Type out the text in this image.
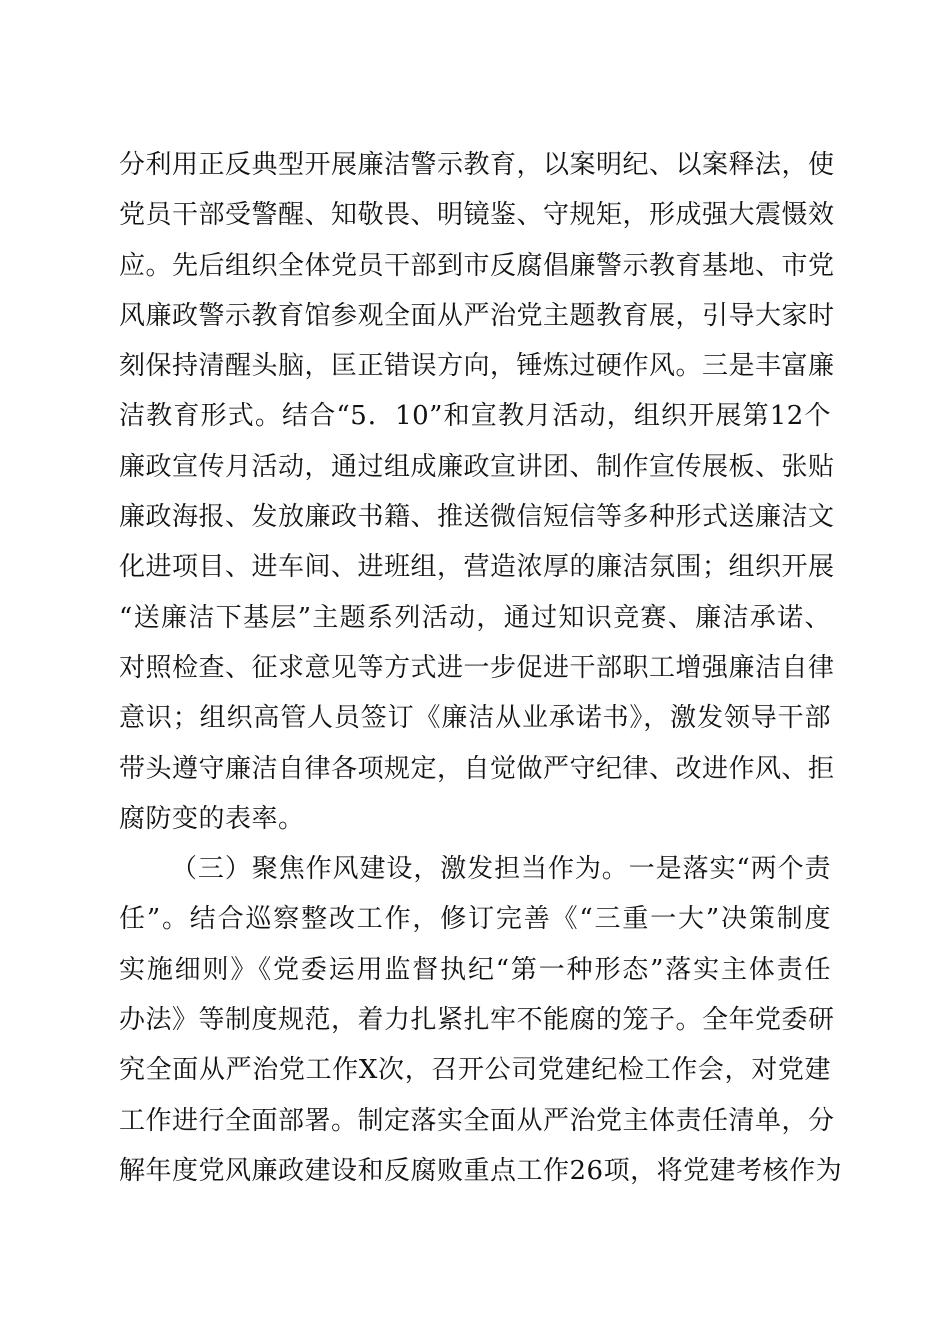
分利用正反典型开展廉洁警示教育，以案明纪、以案释法，使
党员干部受警醒、知敬畏、明镜鉴、守规矩，形成强大震慑效
应。先后组织全体党员干部到市反腐倡廉警示教育基地、市党
风廉政警示教育馆参观全面从严治党主题教育展，引导大家时
刻保持清醒头脑，匡正错误方向，锤炼过硬作风。三是丰富廉
洁教育形式。结合“5．10”和宣教月活动，组织开展第12个
廉政宣传月活动，通过组成廉政宣讲团、制作宣传展板、张贴
廉政海报、发放廉政书籍、推送微信短信等多种形式送廉洁文
化进项目、进车间、进班组，营造浓厚的廉洁氛围；组织开展
“送廉洁下基层”主题系列活动，通过知识竞赛、廉洁承诺、
对照检查、征求意见等方式进一步促进干部职工增强廉洁自律
意识；组织高管人员签订《廉洁从业承诺书》，激发领导干部
带头遵守廉洁自律各项规定，自觉做严守纪律、改进作风、拒
腐防变的表率。
（三）聚焦作风建设，激发担当作为。一是落实“两个责
任”。结合巡察整改工作，修订完善《“三重一大”决策制度
实施细则》《党委运用监督执纪“第一种形态”落实主体责任
办法》等制度规范，着力扎紧扎牢不能腐的笼子。全年党委研
究全面从严治党工作X次，召开公司党建纪检工作会，对党建
工作进行全面部署。制定落实全面从严治党主体责任清单，分
解年度党风廉政建设和反腐败重点工作26项，将党建考核作为
